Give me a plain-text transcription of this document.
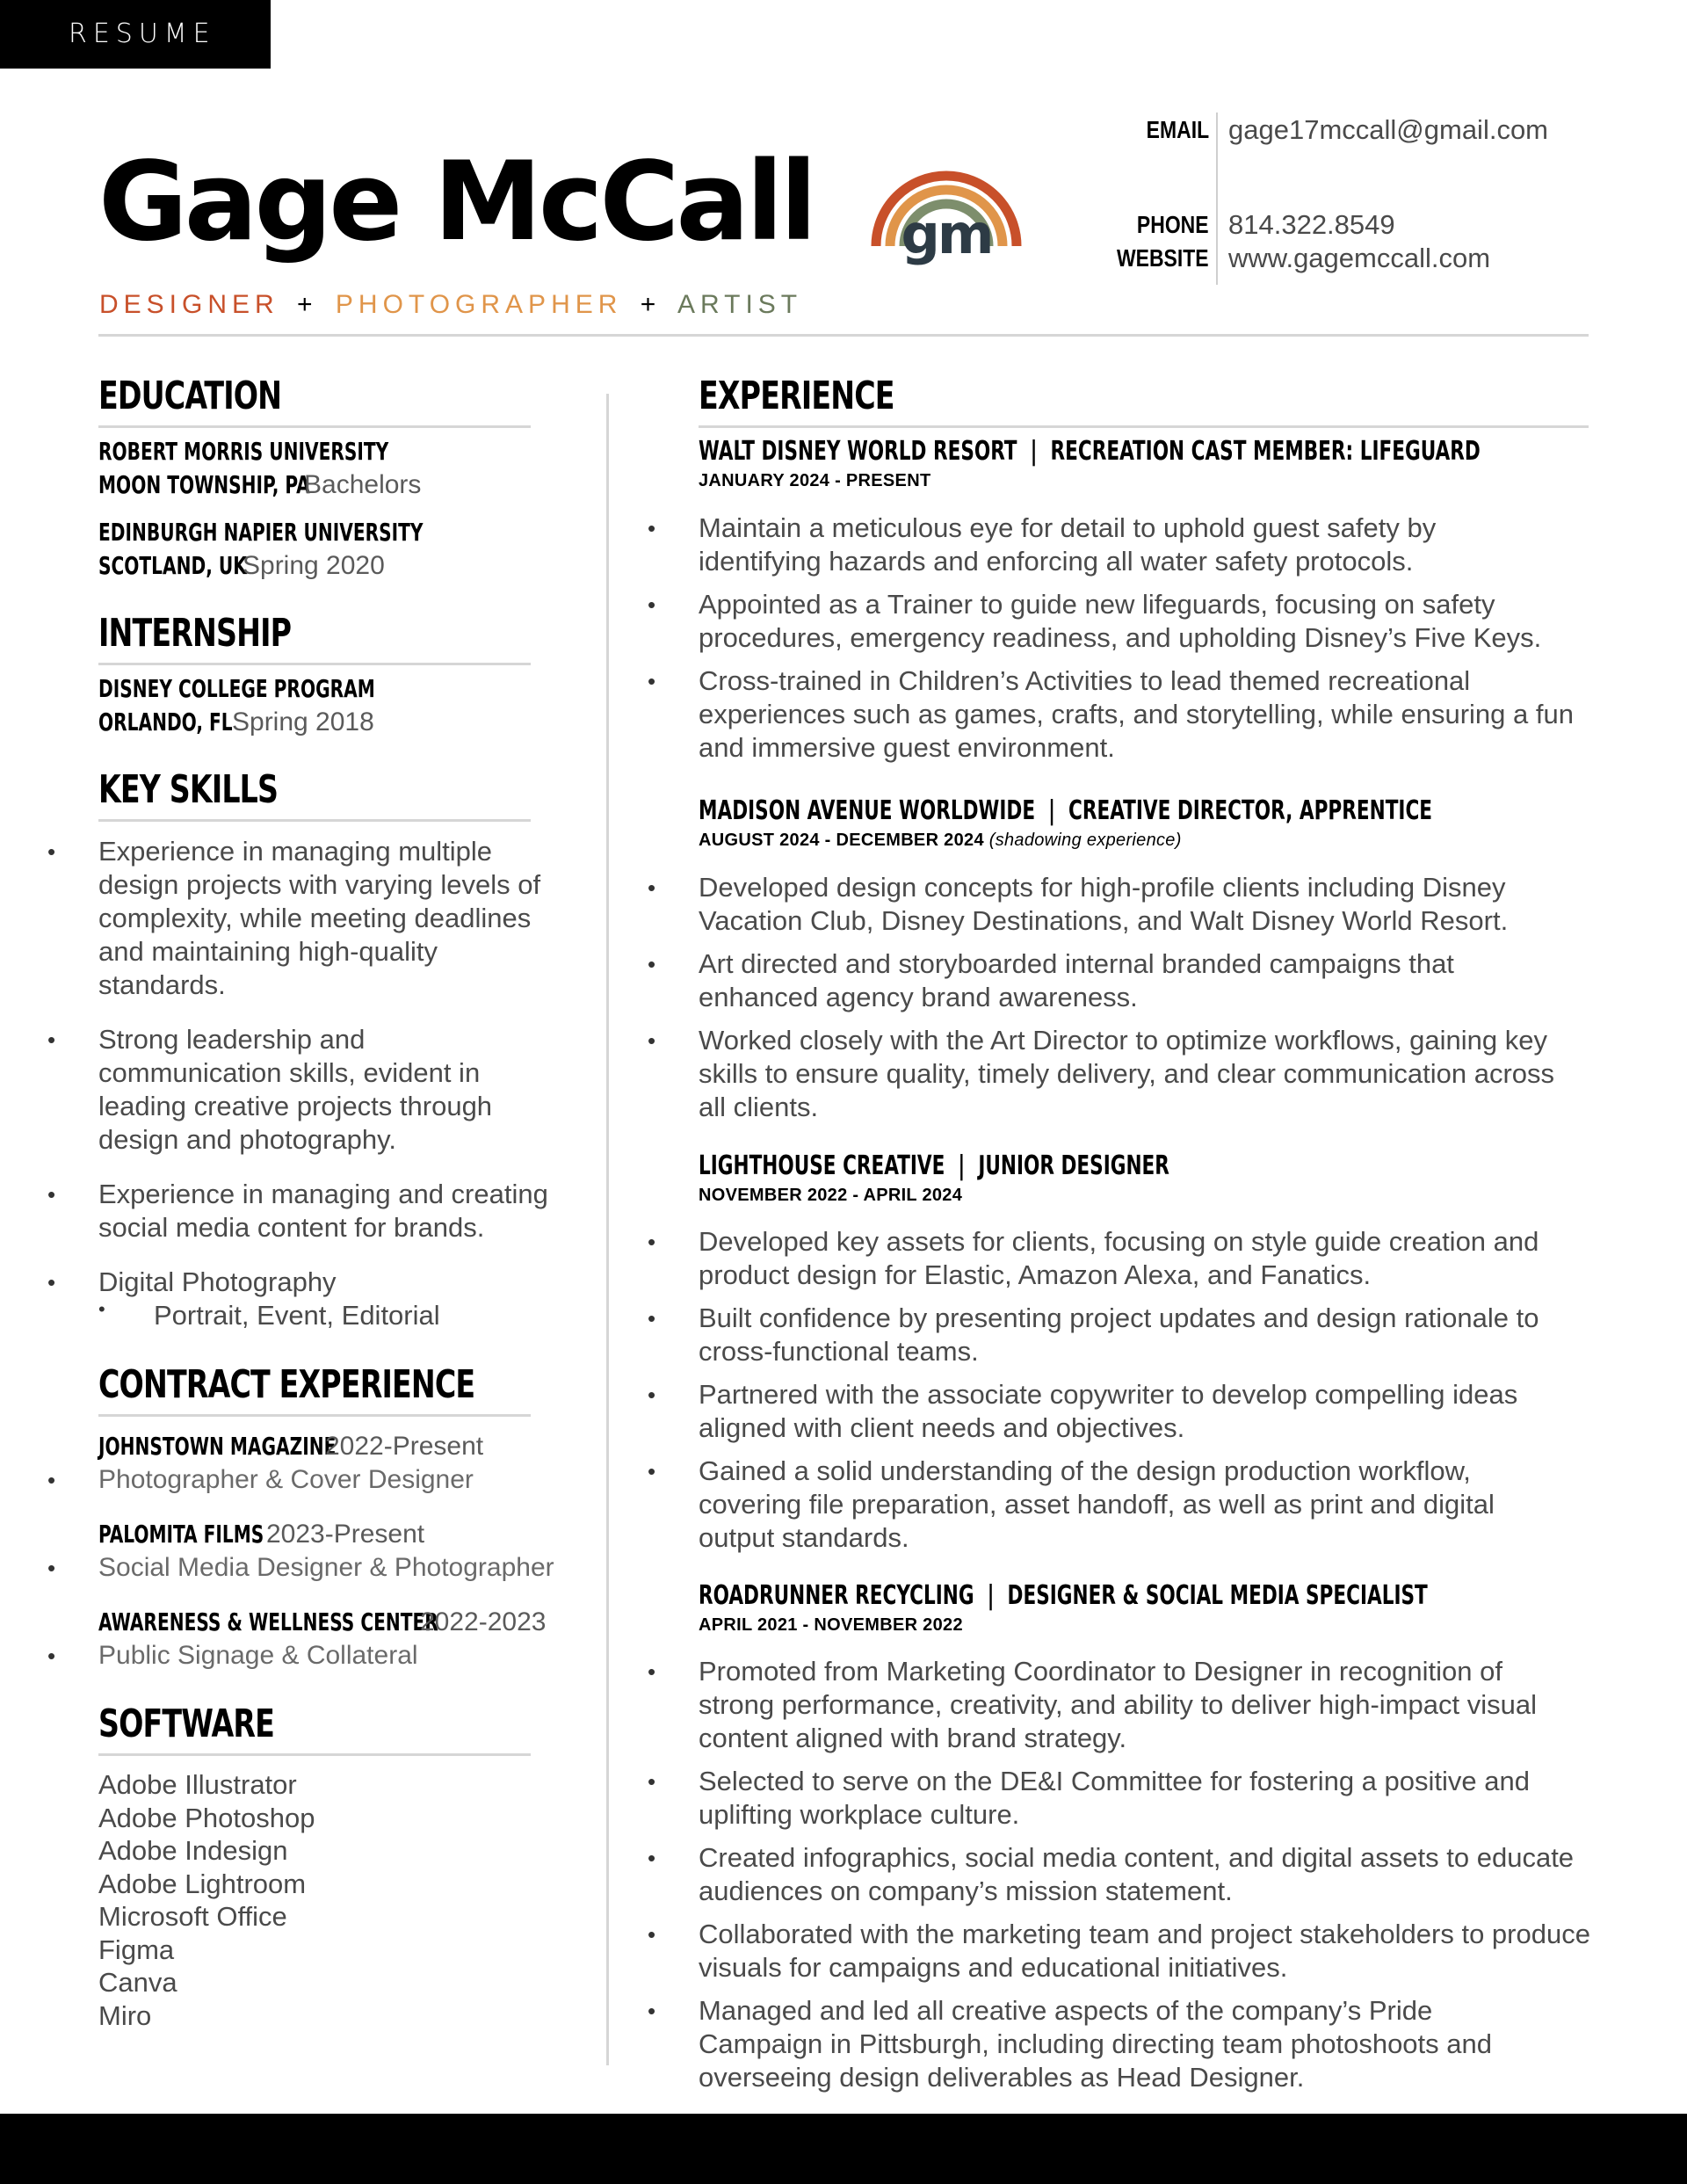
RESUME
Gage McCall
DESIGNER + PHOTOGRAPHER + ARTIST
gm
EMAIL gage17mccall@gmail.com
PHONE 814.322.8549
WEBSITE www.gagemccall.com
EDUCATION
ROBERT MORRIS UNIVERSITY
MOON TOWNSHIP, PA
Bachelors
EDINBURGH NAPIER UNIVERSITY
SCOTLAND, UK
Spring 2020
INTERNSHIP
DISNEY COLLEGE PROGRAM
ORLANDO, FL Spring 2018
KEY SKILLS
• Experience in managing multiple design projects with varying levels of complexity, while meeting deadlines and maintaining high-quality standards.
• Strong leadership and communication skills, evident in leading creative projects through design and photography.
• Experience in managing and creating social media content for brands.
• Digital Photography
• Portrait, Event, Editorial
CONTRACT EXPERIENCE
JOHNSTOWN MAGAZINE
2022-Present
• Photographer & Cover Designer
PALOMITA FILMS 2023-Present
• Social Media Designer & Photographer
AWARENESS & WELLNESS CENTER
2022-2023
• Public Signage & Collateral
SOFTWARE
Adobe Illustrator
Adobe Photoshop
Adobe Indesign
Adobe Lightroom
Microsoft Office
Figma
Canva
Miro
EXPERIENCE
WALT DISNEY WORLD RESORT | RECREATION CAST MEMBER: LIFEGUARD
JANUARY 2024 - PRESENT
• Maintain a meticulous eye for detail to uphold guest safety by identifying hazards and enforcing all water safety protocols.
• Appointed as a Trainer to guide new lifeguards, focusing on safety procedures, emergency readiness, and upholding Disney’s Five Keys.
• Cross-trained in Children’s Activities to lead themed recreational experiences such as games, crafts, and storytelling, while ensuring a fun and immersive guest environment.
MADISON AVENUE WORLDWIDE | CREATIVE DIRECTOR, APPRENTICE
AUGUST 2024 - DECEMBER 2024 (shadowing experience)
• Developed design concepts for high-profile clients including Disney Vacation Club, Disney Destinations, and Walt Disney World Resort.
• Art directed and storyboarded internal branded campaigns that enhanced agency brand awareness.
• Worked closely with the Art Director to optimize workflows, gaining key skills to ensure quality, timely delivery, and clear communication across all clients.
LIGHTHOUSE CREATIVE | JUNIOR DESIGNER
NOVEMBER 2022 - APRIL 2024
• Developed key assets for clients, focusing on style guide creation and product design for Elastic, Amazon Alexa, and Fanatics.
• Built confidence by presenting project updates and design rationale to cross-functional teams.
• Partnered with the associate copywriter to develop compelling ideas aligned with client needs and objectives.
• Gained a solid understanding of the design production workflow, covering file preparation, asset handoff, as well as print and digital output standards.
ROADRUNNER RECYCLING | DESIGNER & SOCIAL MEDIA SPECIALIST
APRIL 2021 - NOVEMBER 2022
• Promoted from Marketing Coordinator to Designer in recognition of strong performance, creativity, and ability to deliver high-impact visual content aligned with brand strategy.
• Selected to serve on the DE&I Committee for fostering a positive and uplifting workplace culture.
• Created infographics, social media content, and digital assets to educate audiences on company’s mission statement.
• Collaborated with the marketing team and project stakeholders to produce visuals for campaigns and educational initiatives.
• Managed and led all creative aspects of the company’s Pride Campaign in Pittsburgh, including directing team photoshoots and overseeing design deliverables as Head Designer.
